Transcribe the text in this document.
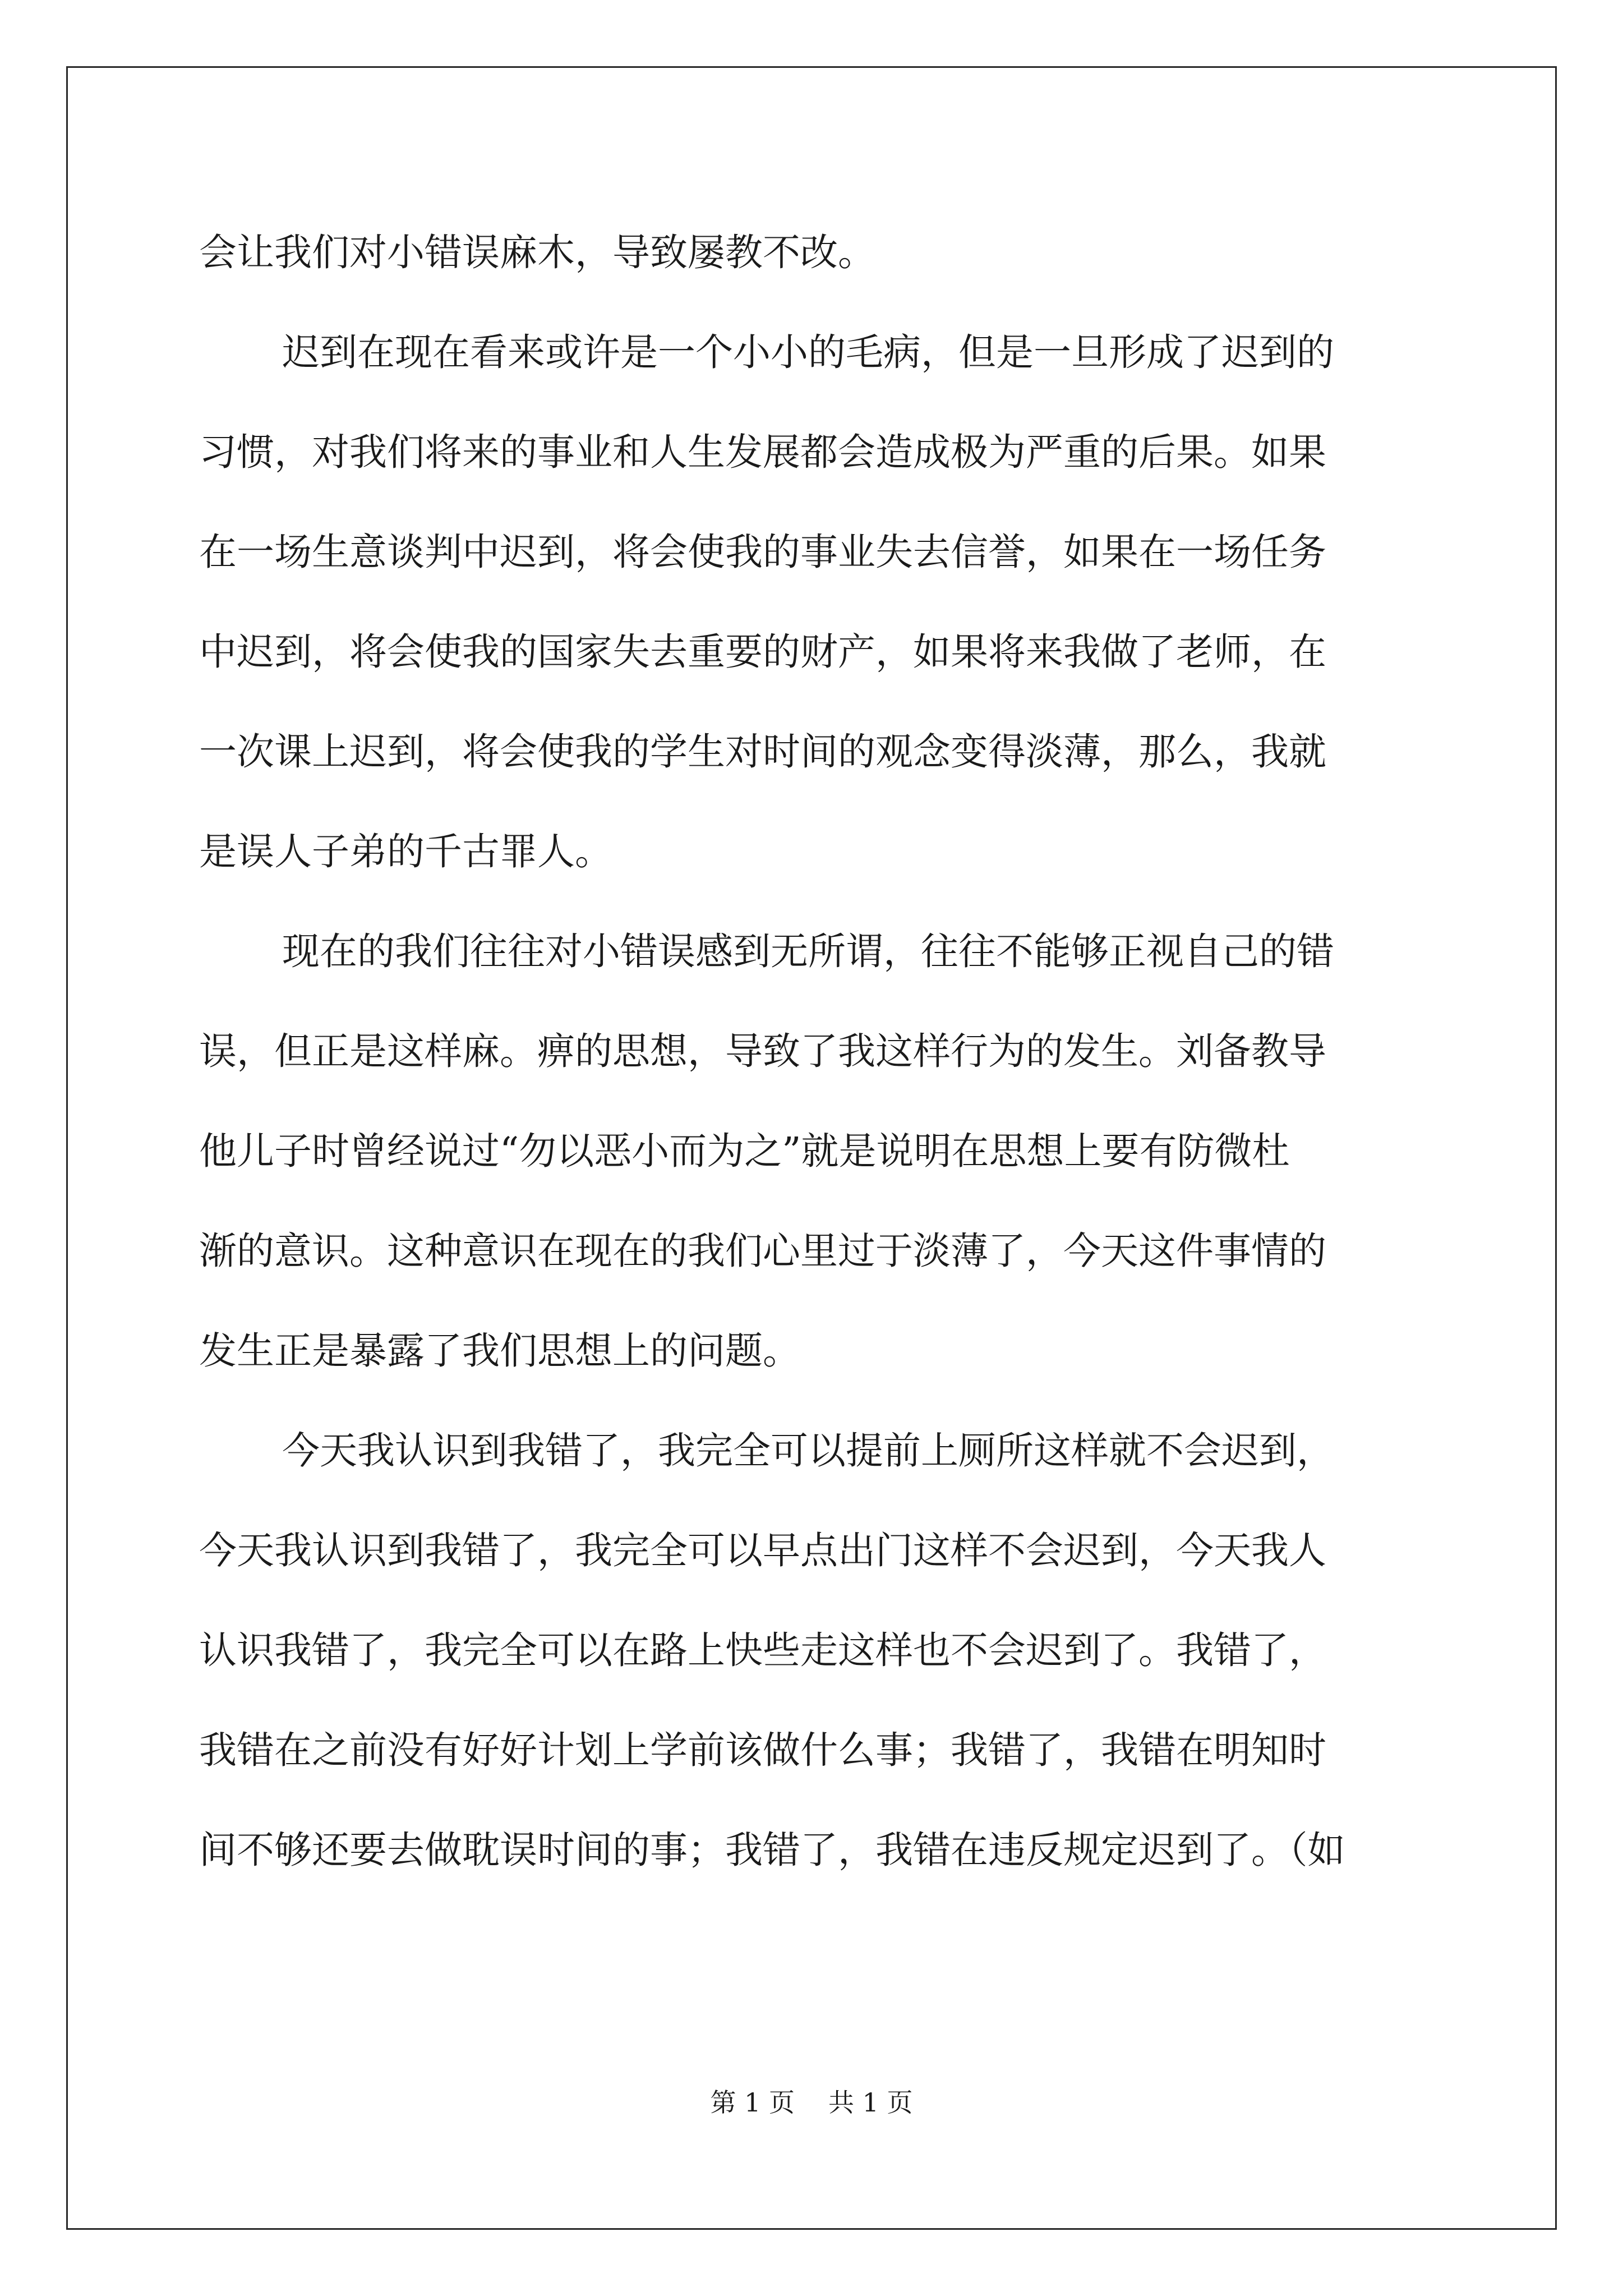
会让我们对小错误麻木，导致屡教不改。
迟到在现在看来或许是一个小小的毛病，但是一旦形成了迟到的
习惯，对我们将来的事业和人生发展都会造成极为严重的后果。如果
在一场生意谈判中迟到，将会使我的事业失去信誉，如果在一场任务
中迟到，将会使我的国家失去重要的财产，如果将来我做了老师，在
一次课上迟到，将会使我的学生对时间的观念变得淡薄，那么，我就
是误人子弟的千古罪人。
现在的我们往往对小错误感到无所谓，往往不能够正视自己的错
误，但正是这样麻。痹的思想，导致了我这样行为的发生。刘备教导
他儿子时曾经说过“勿以恶小而为之”就是说明在思想上要有防微杜
渐的意识。这种意识在现在的我们心里过于淡薄了，今天这件事情的
发生正是暴露了我们思想上的问题。
今天我认识到我错了，我完全可以提前上厕所这样就不会迟到，
今天我认识到我错了，我完全可以早点出门这样不会迟到，今天我人
认识我错了，我完全可以在路上快些走这样也不会迟到了。我错了，
我错在之前没有好好计划上学前该做什么事；我错了，我错在明知时
间不够还要去做耽误时间的事；我错了，我错在违反规定迟到了。（如
第 1 页 共 1 页
